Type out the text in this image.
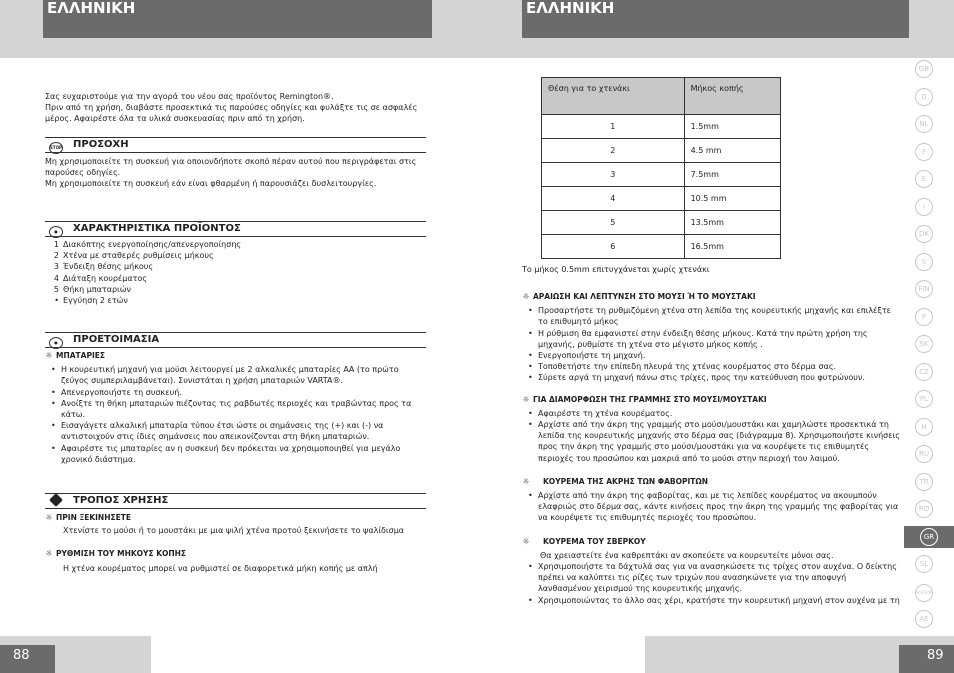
ΕΛΛΗΝΙΚΗ	ΕΛΛΗΝΙΚΗ

Σας ευχαριστούμε για την αγορά του νέου σας προϊόντος Remington®.

Πριν από τη χρήση, διαβάστε προσεκτικά τις παρούσες οδηγίες και φυλάξτε τις σε ασφαλές

μέρος. Αφαιρέστε όλα τα υλικά συσκευασίας πριν από τη χρήση.

STOP ΠΡΟΣΟΧΗ

Μη χρησιμοποιείτε τη συσκευή για οποιονδήποτε σκοπό πέραν αυτού που περιγράφεται στις

παρούσες οδηγίες.

Μη χρησιμοποιείτε τη συσκευή εάν είναι φθαρμένη ή παρουσιάζει δυσλειτουργίες.

● ΧΑΡΑΚΤΗΡΙΣΤΙΚΑ ΠΡΟΪΟΝΤΟΣ
1 Διακόπτης ενεργοποίησης/απενεργοποίησης
2 Χτένα με σταθερές ρυθμίσεις μήκους
3 Ένδειξη θέσης μήκους
4 Διάταξη κουρέματος
5 Θήκη μπαταριών
• Εγγύηση 2 ετών
● ΠΡΟΕΤΟΙΜΑΣΙΑ
☼ ΜΠΑΤΑΡΙΕΣ
• Η κουρευτική μηχανή για μούσι λειτουργεί με 2 αλκαλικές μπαταρίες ΑΑ (το πρώτο ζεύγος συμπεριλαμβάνεται). Συνιστάται η χρήση μπαταριών VARTA®.
• Απενεργοποιήστε τη συσκευή.
• Ανοίξτε τη θήκη μπαταριών πιέζοντας τις ραβδωτές περιοχές και τραβώντας προς τα κάτω.
• Εισαγάγετε αλκαλική μπαταρία τύπου έτσι ώστε οι σημάνσεις της (+) και (-) να αντιστοιχούν στις ίδιες σημάνσεις που απεικονίζονται στη θήκη μπαταριών.
• Αφαιρέστε τις μπαταρίες αν η συσκευή δεν πρόκειται να χρησιμοποιηθεί για μεγάλο χρονικό διάστημα.
ΤΡΟΠΟΣ ΧΡΗΣΗΣ
☼ ΠΡΙΝ ΞΕΚΙΝΗΣΕΤΕ

Χτενίστε το μούσι ή το μουστάκι με μια ψιλή χτένα προτού ξεκινήσετε το ψαλίδισμα

☼ ΡΥΘΜΙΣΗ ΤΟΥ ΜΗΚΟΥΣ ΚΟΠΗΣ

Η χτένα κουρέματος μπορεί να ρυθμιστεί σε διαφορετικά μήκη κοπής με απλή

88
Θέση για το χτενάκι	Μήκος κοπής
1	1.5mm
2	4.5 mm
3	7.5mm
4	10.5 mm
5	13.5mm
6	16.5mm
Το μήκος 0.5mm επιτυγχάνεται χωρίς χτενάκι
☼ ΑΡΑΙΩΣΗ ΚΑΙ ΛΕΠΤΥΝΣΗ ΣΤΟ ΜΟΥΣΙ Ή ΤΟ ΜΟΥΣΤΑΚΙ
• Προσαρτήστε τη ρυθμιζόμενη χτένα στη λεπίδα της κουρευτικής μηχανής και επιλέξτε το επιθυμητό μήκος
• Η ρύθμιση θα εμφανιστεί στην ένδειξη θέσης μήκους. Κατά την πρώτη χρήση της μηχανής, ρυθμίστε τη χτένα στο μέγιστο μήκος κοπής .
• Ενεργοποιήστε τη μηχανή.
• Τοποθετήστε την επίπεδη πλευρά της χτένας κουρέματος στο δέρμα σας.
• Σύρετε αργά τη μηχανή πάνω στις τρίχες, προς την κατεύθυνση που φυτρώνουν.
☼ ΓΙΑ ΔΙΑΜΟΡΦΩΣΗ ΤΗΣ ΓΡΑΜΜΗΣ ΣΤΟ ΜΟΥΣΙ/ΜΟΥΣΤΑΚΙ
• Αφαιρέστε τη χτένα κουρέματος.
• Αρχίστε από την άκρη της γραμμής στο μούσι/μουστάκι και χαμηλώστε προσεκτικά τη λεπίδα της κουρευτικής μηχανής στο δέρμα σας (διάγραμμα 8). Χρησιμοποιήστε κινήσεις προς την άκρη της γραμμής στο μούσι/μουστάκι για να κουρέψετε τις επιθυμητές περιοχές του προσώπου και μακριά από το μούσι στην περιοχή του λαιμού.
☼ ΚΟΥΡΕΜΑ ΤΗΣ ΑΚΡΗΣ ΤΩΝ ΦΑΒΟΡΙΤΩΝ
• Αρχίστε από την άκρη της φαβορίτας, και με τις λεπίδες κουρέματος να ακουμπούν ελαφριώς στο δέρμα σας, κάντε κινήσεις προς την άκρη της γραμμής της φαβορίτας για να κουρέψετε τις επιθυμητές περιοχές του προσώπου.
☼ ΚΟΥΡΕΜΑ ΤΟΥ ΣΒΕΡΚΟΥ

Θα χρειαστείτε ένα καθρεπτάκι αν σκοπεύετε να κουρευτείτε μόνοι σας.

• Χρησιμοποιήστε τα δάχτυλά σας για να ανασηκώσετε τις τρίχες στον αυχένα. Ο δείκτης πρέπει να καλύπτει τις ρίζες των τριχών που ανασηκώνετε για την αποφυγή λανθασμένου χειρισμού της κουρευτικής μηχανής.
• Χρησιμοποιώντας το άλλο σας χέρι, κρατήστε την κουρευτική μηχανή στον αυχένα με τη
89
GB
D
NL
F
E
I
DK
S
FIN
P
SK
CZ
PL
H
RU
TR
RO
GR
SL
HR/SRB
AE
